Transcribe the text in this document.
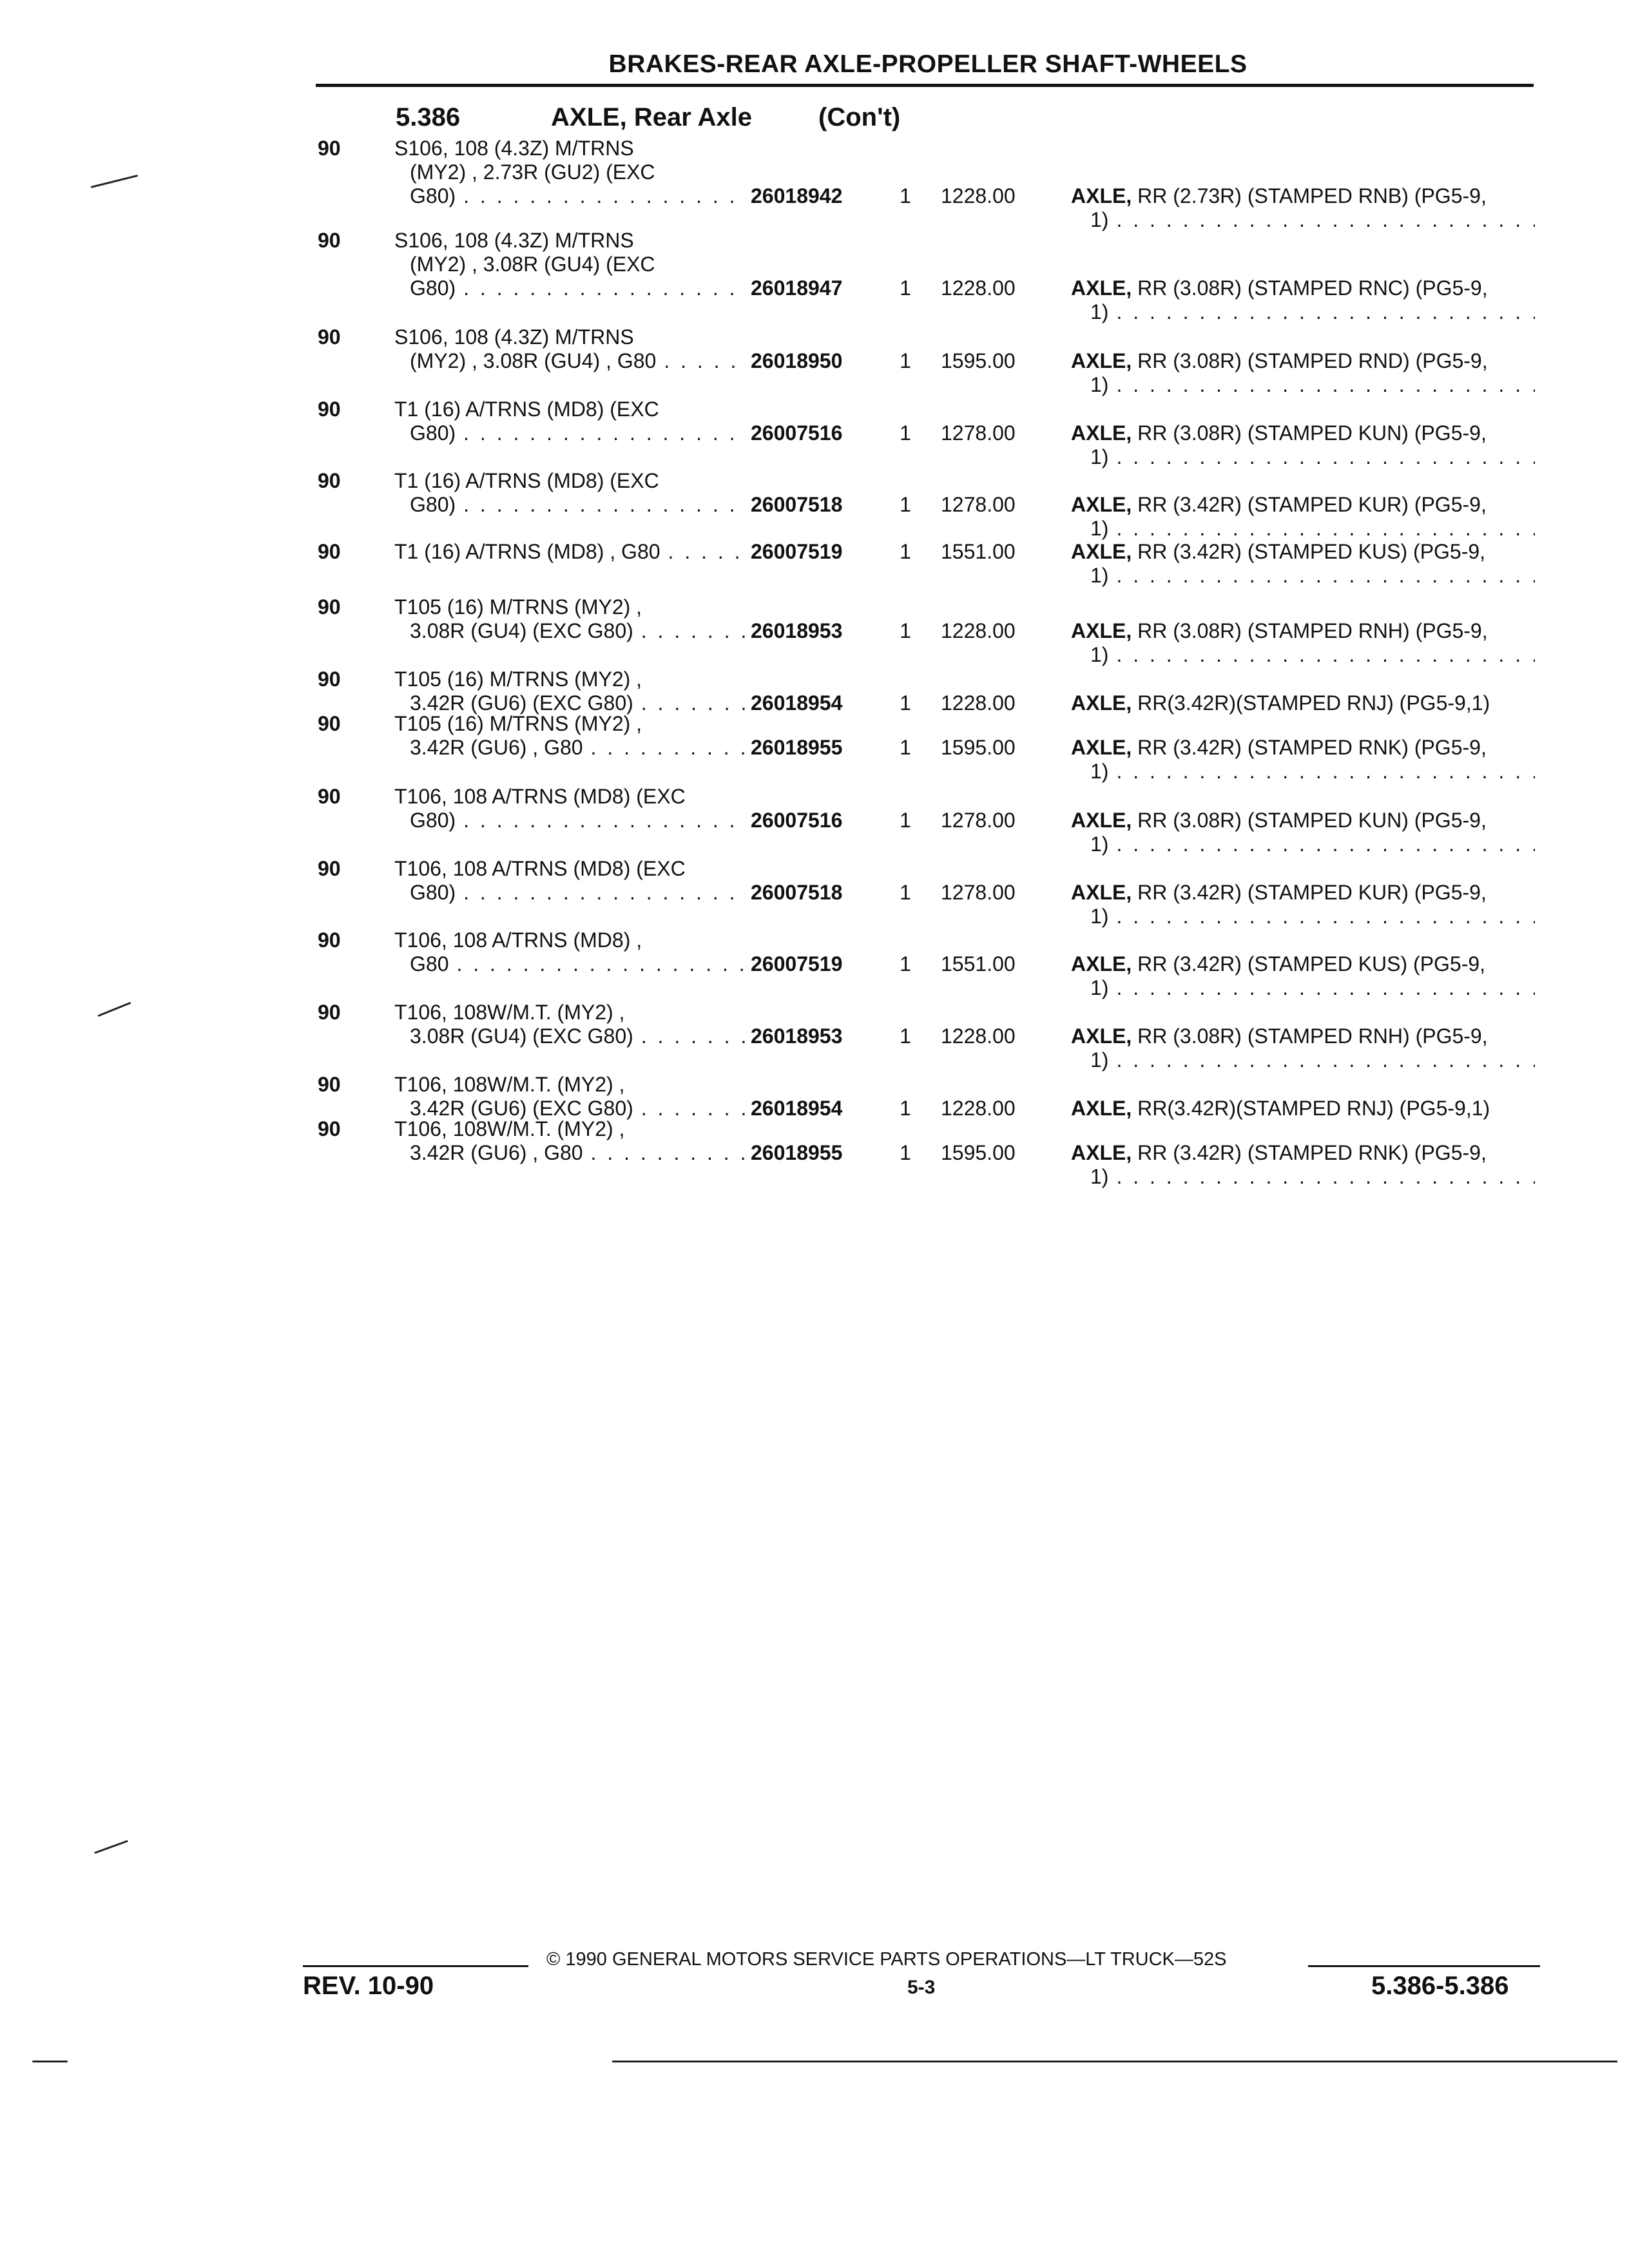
BRAKES-REAR AXLE-PROPELLER SHAFT-WHEELS
5.386	AXLE, Rear Axle	(Con't)
90	S106, 108 (4.3Z) M/TRNS
(MY2) , 2.73R (GU2) (EXC
G80) . . .	26018942	1	1228.00	AXLE, RR (2.73R) (STAMPED RNB) (PG5-9,
1)
. . .
90	S106, 108 (4.3Z) M/TRNS
(MY2) , 3.08R (GU4) (EXC
G80) . . .	26018947	1	1228.00	AXLE, RR (3.08R) (STAMPED RNC) (PG5-9,
1)
. . .
90	S106, 108 (4.3Z) M/TRNS
(MY2) , 3.08R (GU4) , G80 . . .	26018950	1	1595.00	AXLE, RR (3.08R) (STAMPED RND) (PG5-9,
1)
. . .
90	T1 (16) A/TRNS (MD8) (EXC
G80) . . .	26007516	1	1278.00	AXLE, RR (3.08R) (STAMPED KUN) (PG5-9,
1)
. . .
90	T1 (16) A/TRNS (MD8) (EXC
G80) . . .	26007518	1	1278.00	AXLE, RR (3.42R) (STAMPED KUR) (PG5-9,
1)
. . .
90	T1 (16) A/TRNS (MD8) , G80 . . .	26007519	1	1551.00	AXLE, RR (3.42R) (STAMPED KUS) (PG5-9,
1)
. . .
90	T105 (16) M/TRNS (MY2) ,
3.08R (GU4) (EXC G80) . . .	26018953	1	1228.00	AXLE, RR (3.08R) (STAMPED RNH) (PG5-9,
1)
. . .
90	T105 (16) M/TRNS (MY2) ,
3.42R (GU6) (EXC G80) . . .	26018954	1	1228.00	AXLE, RR(3.42R)(STAMPED RNJ) (PG5-9,1)
90	T105 (16) M/TRNS (MY2) ,
3.42R (GU6) , G80 . . .	26018955	1	1595.00	AXLE, RR (3.42R) (STAMPED RNK) (PG5-9,
1)
. . .
90	T106, 108 A/TRNS (MD8) (EXC
G80) . . .	26007516	1	1278.00	AXLE, RR (3.08R) (STAMPED KUN) (PG5-9,
1)
. . .
90	T106, 108 A/TRNS (MD8) (EXC
G80) . . .	26007518	1	1278.00	AXLE, RR (3.42R) (STAMPED KUR) (PG5-9,
1)
. . .
90	T106, 108 A/TRNS (MD8) ,
G80 . . .	26007519	1	1551.00	AXLE, RR (3.42R) (STAMPED KUS) (PG5-9,
1)
. . .
90	T106, 108W/M.T. (MY2) ,
3.08R (GU4) (EXC G80) . . .	26018953	1	1228.00	AXLE, RR (3.08R) (STAMPED RNH) (PG5-9,
1)
. . .
90	T106, 108W/M.T. (MY2) ,
3.42R (GU6) (EXC G80) . . .	26018954	1	1228.00	AXLE, RR(3.42R)(STAMPED RNJ) (PG5-9,1)
90	T106, 108W/M.T. (MY2) ,
3.42R (GU6) , G80 . . .	26018955	1	1595.00	AXLE, RR (3.42R) (STAMPED RNK) (PG5-9,
1)
. . .
© 1990 GENERAL MOTORS SERVICE PARTS OPERATIONS—LT TRUCK—52S
REV. 10-90	5-3	5.386-5.386
